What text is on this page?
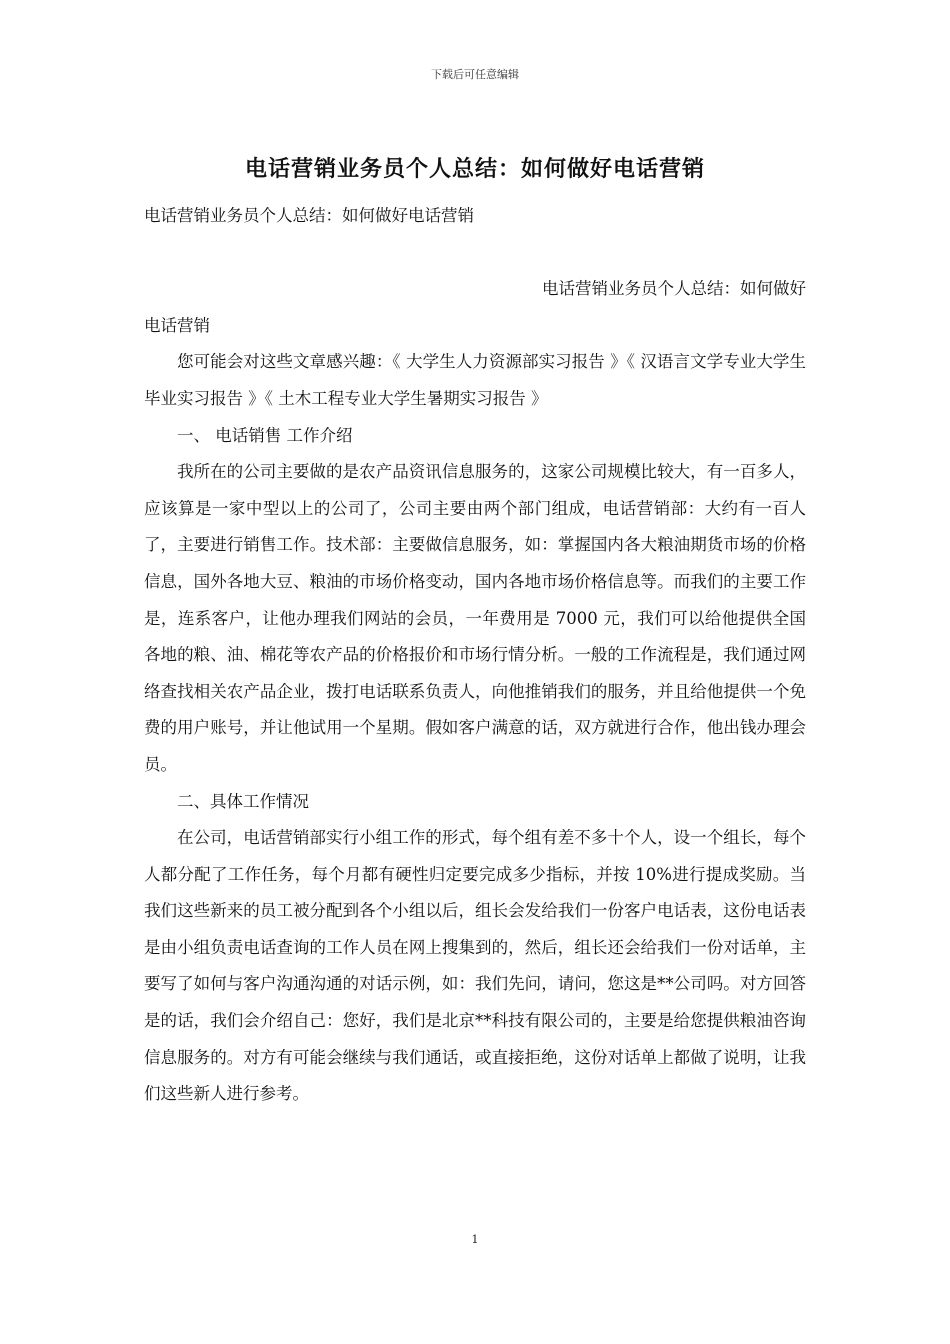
下载后可任意编辑
电话营销业务员个人总结：如何做好电话营销

电话营销业务员个人总结：如何做好电话营销

电话营销业务员个人总结：如何做好

电话营销

您可能会对这些文章感兴趣：《 大学生人力资源部实习报告 》《 汉语言文学专业大学生毕业实习报告 》《 土木工程专业大学生暑期实习报告 》

一、 电话销售 工作介绍

我所在的公司主要做的是农产品资讯信息服务的，这家公司规模比较大，有一百多人，应该算是一家中型以上的公司了，公司主要由两个部门组成，电话营销部：大约有一百人了，主要进行销售工作。技术部：主要做信息服务，如：掌握国内各大粮油期货市场的价格信息，国外各地大豆、粮油的市场价格变动，国内各地市场价格信息等。而我们的主要工作是，连系客户，让他办理我们网站的会员，一年费用是 7000 元，我们可以给他提供全国各地的粮、油、棉花等农产品的价格报价和市场行情分析。一般的工作流程是，我们通过网络查找相关农产品企业，拨打电话联系负责人，向他推销我们的服务，并且给他提供一个免费的用户账号，并让他试用一个星期。假如客户满意的话，双方就进行合作，他出钱办理会员。

二、具体工作情况

在公司，电话营销部实行小组工作的形式，每个组有差不多十个人，设一个组长，每个人都分配了工作任务，每个月都有硬性归定要完成多少指标，并按 10%进行提成奖励。当我们这些新来的员工被分配到各个小组以后，组长会发给我们一份客户电话表，这份电话表是由小组负责电话查询的工作人员在网上搜集到的，然后，组长还会给我们一份对话单，主要写了如何与客户沟通沟通的对话示例，如：我们先问，请问，您这是**公司吗。对方回答是的话，我们会介绍自己：您好，我们是北京**科技有限公司的，主要是给您提供粮油咨询信息服务的。对方有可能会继续与我们通话，或直接拒绝，这份对话单上都做了说明，让我们这些新人进行参考。

1
